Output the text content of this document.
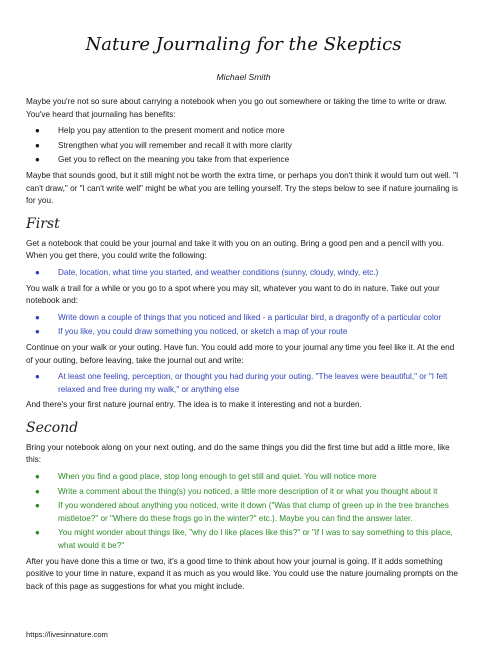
Nature Journaling for the Skeptics
Michael Smith

Maybe you're not so sure about carrying a notebook when you go out somewhere or taking the time to write or draw. You've heard that journaling has benefits:

● Help you pay attention to the present moment and notice more
● Strengthen what you will remember and recall it with more clarity
● Get you to reflect on the meaning you take from that experience

Maybe that sounds good, but it still might not be worth the extra time, or perhaps you don't think it would turn out well. "I can't draw," or "I can't write well" might be what you are telling yourself. Try the steps below to see if nature journaling is for you.

First

Get a notebook that could be your journal and take it with you on an outing. Bring a good pen and a pencil with you. When you get there, you could write the following:

● Date, location, what time you started, and weather conditions (sunny, cloudy, windy, etc.)

You walk a trail for a while or you go to a spot where you may sit, whatever you want to do in nature. Take out your notebook and:

● Write down a couple of things that you noticed and liked - a particular bird, a dragonfly of a particular color
● If you like, you could draw something you noticed, or sketch a map of your route

Continue on your walk or your outing. Have fun. You could add more to your journal any time you feel like it. At the end of your outing, before leaving, take the journal out and write:

● At least one feeling, perception, or thought you had during your outing. "The leaves were beautiful," or "I felt relaxed and free during my walk," or anything else

And there's your first nature journal entry. The idea is to make it interesting and not a burden.

Second

Bring your notebook along on your next outing, and do the same things you did the first time but add a little more, like this:

● When you find a good place, stop long enough to get still and quiet. You will notice more
● Write a comment about the thing(s) you noticed, a little more description of it or what you thought about it
● If you wondered about anything you noticed, write it down ("Was that clump of green up in the tree branches mistletoe?" or "Where do these frogs go in the winter?" etc.). Maybe you can find the answer later.
● You might wonder about things like, "why do I like places like this?" or "if I was to say something to this place, what would it be?"

After you have done this a time or two, it's a good time to think about how your journal is going. If it adds something positive to your time in nature, expand it as much as you would like. You could use the nature journaling prompts on the back of this page as suggestions for what you might include.

https://livesinnature.com
